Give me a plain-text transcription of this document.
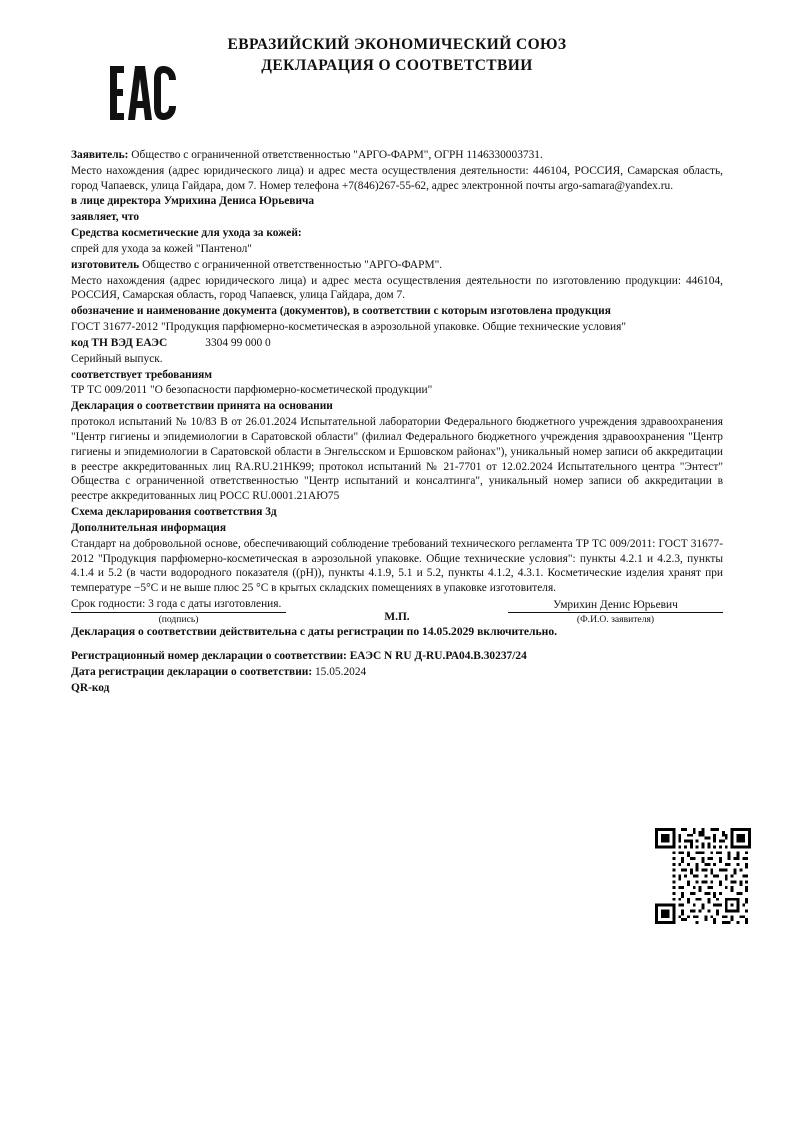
ЕВРАЗИЙСКИЙ ЭКОНОМИЧЕСКИЙ СОЮЗ
ДЕКЛАРАЦИЯ О СООТВЕТСТВИИ

Заявитель: Общество с ограниченной ответственностью "АРГО-ФАРМ", ОГРН 1146330003731.

Место нахождения (адрес юридического лица) и адрес места осуществления деятельности: 446104, РОССИЯ, Самарская область, город Чапаевск, улица Гайдара, дом 7. Номер телефона +7(846)267-55-62, адрес электронной почты argo-samara@yandex.ru.

в лице директора Умрихина Дениса Юрьевича

заявляет, что

Средства косметические для ухода за кожей:

спрей для ухода за кожей "Пантенол"

изготовитель Общество с ограниченной ответственностью "АРГО-ФАРМ".

Место нахождения (адрес юридического лица) и адрес места осуществления деятельности по изготовлению продукции: 446104, РОССИЯ, Самарская область, город Чапаевск, улица Гайдара, дом 7.

обозначение и наименование документа (документов), в соответствии с которым изготовлена продукция

ГОСТ 31677-2012 "Продукция парфюмерно-косметическая в аэрозольной упаковке. Общие технические условия"

код ТН ВЭД ЕАЭС	3304 99 000 0

Серийный выпуск.

соответствует требованиям

ТР ТС 009/2011 "О безопасности парфюмерно-косметической продукции"

Декларация о соответствии принята на основании

протокол испытаний № 10/83 В от 26.01.2024 Испытательной лаборатории Федерального бюджетного учреждения здравоохранения "Центр гигиены и эпидемиологии в Саратовской области" (филиал Федерального бюджетного учреждения здравоохранения "Центр гигиены и эпидемиологии в Саратовской области в Энгельсском и Ершовском районах"), уникальный номер записи об аккредитации в реестре аккредитованных лиц RA.RU.21НК99; протокол испытаний № 21-7701 от 12.02.2024 Испытательного центра "Энтест" Общества с ограниченной ответственностью "Центр испытаний и консалтинга", уникальный номер записи об аккредитации в реестре аккредитованных лиц РОСС RU.0001.21АЮ75

Схема декларирования соответствия 3д

Дополнительная информация

Стандарт на добровольной основе, обеспечивающий соблюдение требований технического регламента ТР ТС 009/2011: ГОСТ 31677-2012 "Продукция парфюмерно-косметическая в аэрозольной упаковке. Общие технические условия": пункты 4.2.1 и 4.2.3, пункты 4.1.4 и 5.2 (в части водородного показателя ((рН)), пункты 4.1.9, 5.1 и 5.2, пункты 4.1.2, 4.3.1. Косметические изделия хранят при температуре −5°С и не выше плюс 25 °С в крытых складских помещениях в упаковке изготовителя.

Срок годности: 3 года с даты изготовления.

Декларация о соответствии действительна с даты регистрации по 14.05.2029 включительно.

(подпись)	М.П.
Умрихин Денис Юрьевич
(Ф.И.О. заявителя)

Регистрационный номер декларации о соответствии: ЕАЭС N RU Д-RU.РА04.В.30237/24

Дата регистрации декларации о соответствии: 15.05.2024

QR-код
